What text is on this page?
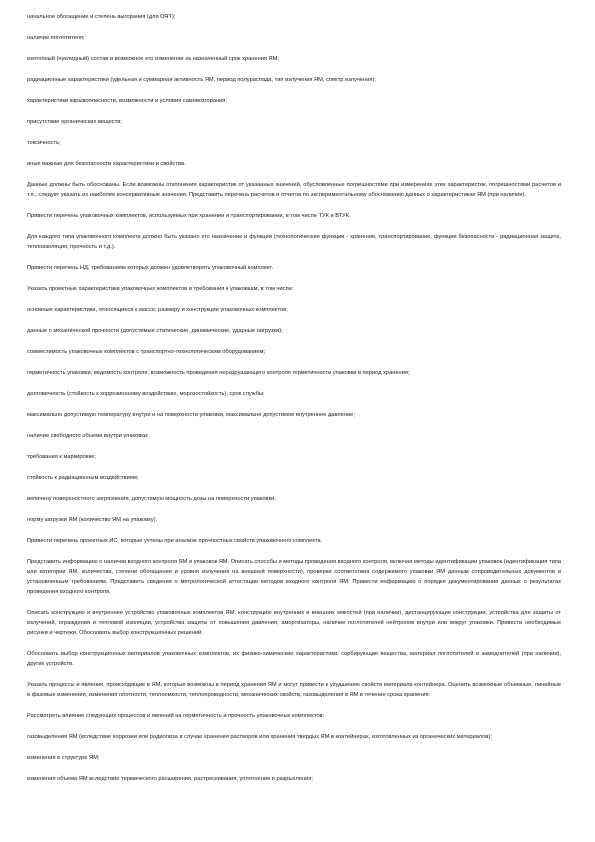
начальное обогащение и степень выгорания (для ОЯТ);

наличие поглотителя;

изотопный (нуклидный) состав и возможное его изменение за назначенный срок хранения ЯМ;

радиационные характеристики (удельная и суммарная активность ЯМ, период полураспада, тип излучения ЯМ, спектр излучения);

характеристики взрывоопасности, возможности и условия самовозгорания;

присутствие органических веществ;

токсичность;

иные важные для безопасности характеристики и свойства.

Данные должны быть обоснованы. Если возможны отклонения характеристик от указанных значений, обусловленные погрешностями при измерениях этих характеристик, погрешностями расчетов и т.п., следует указать их наиболее консервативные значения. Представить перечень расчетов и отчетов по экспериментальному обоснованию данных о характеристиках ЯМ (при наличии).

Привести перечень упаковочных комплектов, используемых при хранении и транспортировании, в том числе ТУК и ВТУК.

Для каждого типа упаковочного комплекта должно быть указано его назначение и функции (технологические функции - хранение, транспортирование, функции безопасности - радиационная защита, теплоизоляция, прочность и т.д.).

Привести перечень НД, требованиям которых должен удовлетворять упаковочный комплект.

Указать проектные характеристики упаковочных комплектов и требования к упаковкам, в том числе:

основные характеристики, относящиеся к массе, размеру и конструкции упаковочных комплектов;

данные о механической прочности (допустимые статические, динамические, ударные нагрузки);

совместимость упаковочных комплектов с транспортно-технологическим оборудованием;

герметичность упаковки, ведомость контроля, возможность проведения неразрушающего контроля герметичности упаковки в период хранения;

долговечность (стойкость к коррозионному воздействию, морозостойкость), срок службы;

максимально допустимую температуру внутри и на поверхности упаковки, максимально допустимое внутреннее давление;

наличие свободного объема внутри упаковки;

требования к маркировке;

стойкость к радиационным воздействиям;

величину поверхностного загрязнения, допустимую мощность дозы на поверхности упаковки;

норму загрузки ЯМ (количество ЯМ на упаковку).

Привести перечень проектных ИС, которые учтены при анализе прочностных свойств упаковочного комплекта.

Представить информацию о наличии входного контроля ЯМ и упаковок ЯМ. Описать способы и методы проведения входного контроля, включая методы идентификации упаковок (идентификация типа или категории ЯМ, количества, степени обогащения и уровня излучения на внешней поверхности), проверки соответствия содержимого упаковки ЯМ данным сопроводительных документов и установленным требованиям. Представить сведения о метрологической аттестации методов входного контроля ЯМ. Привести информацию о порядке документирования данных о результатах проведения входного контроля.

Описать конструкцию и внутреннее устройство упаковочных комплектов ЯМ: конструкцию внутренних и внешних емкостей (при наличии), дистанцирующие конструкции, устройства для защиты от излучений, ограждения и тепловой изоляции, устройства защиты от повышения давления, амортизаторы, наличие поглотителей нейтронов внутри или вокруг упаковки. Привести необходимые рисунки и чертежи. Обосновать выбор конструкционных решений.

Обосновать выбор конструкционных материалов упаковочных комплектов, их физико-химические характеристики, сорбирующие вещества, материал поглотителей и замедлителей (при наличии), других устройств.

Указать процессы и явления, происходящие в ЯМ, которые возможны в период хранения ЯМ и могут привести к ухудшению свойств материала контейнера. Оценить возможные объемные, линейные и фазовые изменения, изменения плотности, теплоемкости, теплопроводности, механических свойств, газовыделения в ЯМ в течение срока хранения.

Рассмотреть влияние следующих процессов и явлений на герметичность и прочность упаковочных комплектов:

газовыделения ЯМ (вследствие коррозии или радиолиза в случае хранения растворов или хранения твердых ЯМ в контейнерах, изготовленных из органических материалов);

изменения в структуре ЯМ;

изменения объема ЯМ вследствие термического расширения, растрескивания, уплотнения и разрыхления;
